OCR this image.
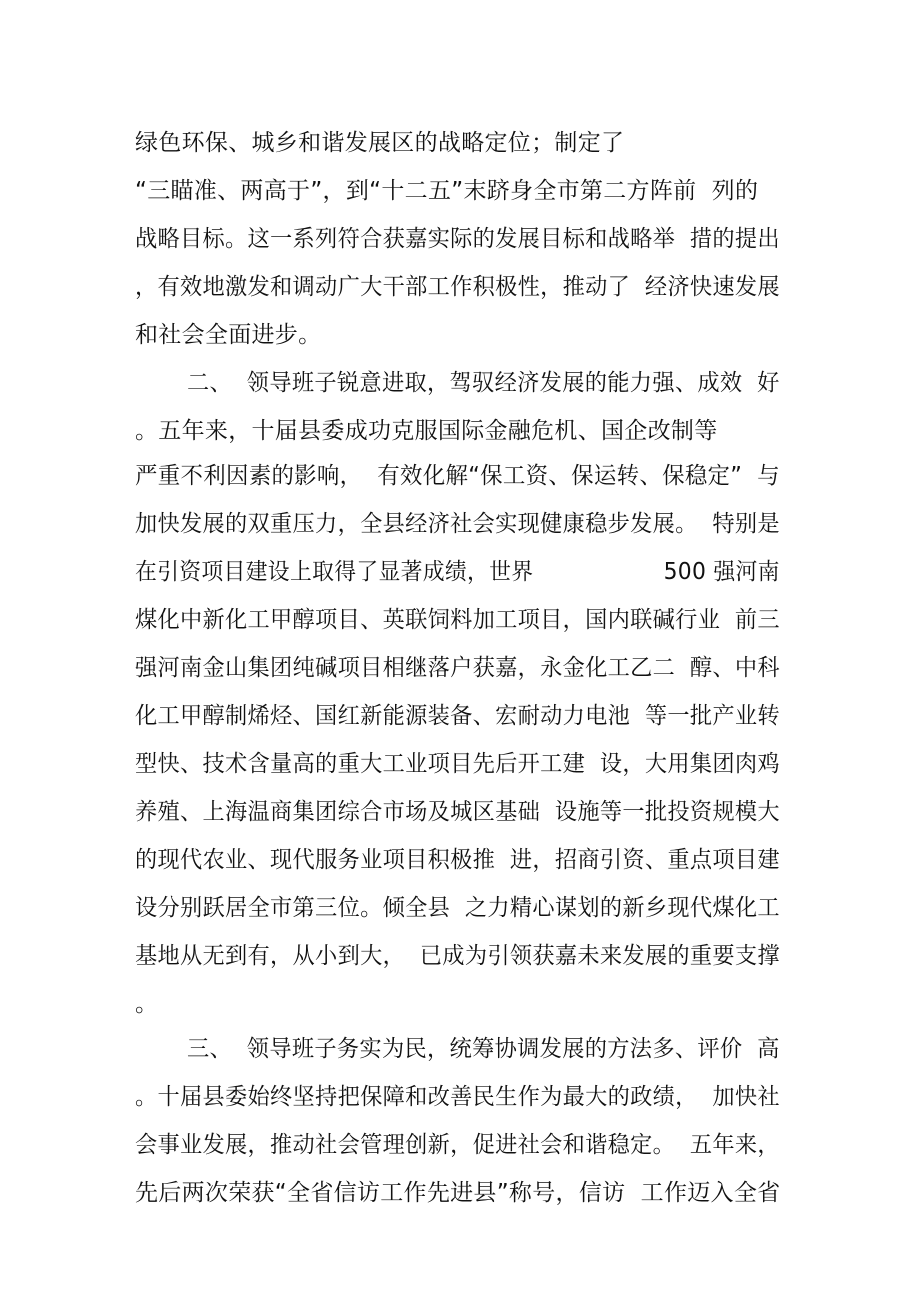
绿色环保、城乡和谐发展区的战略定位；制定了
“三瞄准、两高于”，到“十二五”末跻身全市第二方阵前  列的
战略目标。这一系列符合获嘉实际的发展目标和战略举  措的提出
，有效地激发和调动广大干部工作积极性，推动了  经济快速发展
和社会全面进步。
二、  领导班子锐意进取，驾驭经济发展的能力强、成效  好
。五年来，十届县委成功克服国际金融危机、国企改制等
严重不利因素的影响，  有效化解“保工资、保运转、保稳定”  与
加快发展的双重压力，全县经济社会实现健康稳步发展。  特别是
在引资项目建设上取得了显著成绩，世界                  500 强河南
煤化中新化工甲醇项目、英联饲料加工项目，国内联碱行业  前三
强河南金山集团纯碱项目相继落户获嘉，永金化工乙二  醇、中科
化工甲醇制烯烃、国红新能源装备、宏耐动力电池  等一批产业转
型快、技术含量高的重大工业项目先后开工建  设，大用集团肉鸡
养殖、上海温商集团综合市场及城区基础  设施等一批投资规模大
的现代农业、现代服务业项目积极推  进，招商引资、重点项目建
设分别跃居全市第三位。倾全县  之力精心谋划的新乡现代煤化工
基地从无到有，从小到大，  已成为引领获嘉未来发展的重要支撑
。
三、  领导班子务实为民，统筹协调发展的方法多、评价  高
。十届县委始终坚持把保障和改善民生作为最大的政绩，  加快社
会事业发展，推动社会管理创新，促进社会和谐稳定。  五年来，
先后两次荣获“全省信访工作先进县”称号，信访  工作迈入全省
